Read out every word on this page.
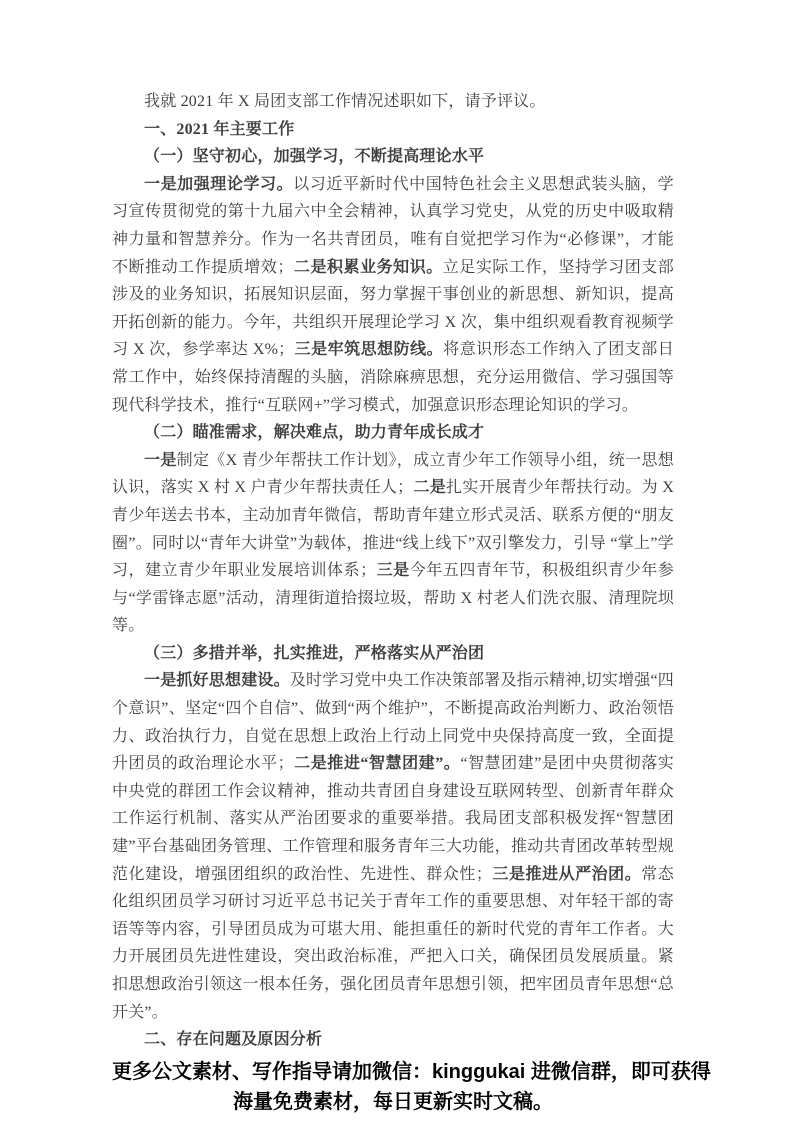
我就 2021 年 X 局团支部工作情况述职如下，请予评议。

一、2021 年主要工作

（一）坚守初心，加强学习，不断提高理论水平

一是加强理论学习。以习近平新时代中国特色社会主义思想武装头脑，学习宣传贯彻党的第十九届六中全会精神，认真学习党史，从党的历史中吸取精神力量和智慧养分。作为一名共青团员，唯有自觉把学习作为“必修课”，才能不断推动工作提质增效；二是积累业务知识。立足实际工作，坚持学习团支部涉及的业务知识，拓展知识层面，努力掌握干事创业的新思想、新知识，提高开拓创新的能力。今年，共组织开展理论学习 X 次，集中组织观看教育视频学习 X 次，参学率达 X%；三是牢筑思想防线。将意识形态工作纳入了团支部日常工作中，始终保持清醒的头脑，消除麻痹思想，充分运用微信、学习强国等现代科学技术，推行“互联网+”学习模式，加强意识形态理论知识的学习。

（二）瞄准需求，解决难点，助力青年成长成才

一是制定《X 青少年帮扶工作计划》，成立青少年工作领导小组，统一思想认识，落实 X 村 X 户青少年帮扶责任人；二是扎实开展青少年帮扶行动。为 X 青少年送去书本，主动加青年微信，帮助青年建立形式灵活、联系方便的“朋友圈”。同时以“青年大讲堂”为载体，推进“线上线下”双引擎发力，引导 “掌上”学习，建立青少年职业发展培训体系；三是今年五四青年节，积极组织青少年参与“学雷锋志愿”活动，清理街道拾掇垃圾，帮助 X 村老人们洗衣服、清理院坝等。

（三）多措并举，扎实推进，严格落实从严治团

一是抓好思想建设。及时学习党中央工作决策部署及指示精神,切实增强“四个意识”、坚定“四个自信”、做到“两个维护”，不断提高政治判断力、政治领悟力、政治执行力，自觉在思想上政治上行动上同党中央保持高度一致，全面提升团员的政治理论水平；二是推进“智慧团建”。“智慧团建”是团中央贯彻落实中央党的群团工作会议精神，推动共青团自身建设互联网转型、创新青年群众工作运行机制、落实从严治团要求的重要举措。我局团支部积极发挥“智慧团建”平台基础团务管理、工作管理和服务青年三大功能，推动共青团改革转型规范化建设，增强团组织的政治性、先进性、群众性；三是推进从严治团。常态化组织团员学习研讨习近平总书记关于青年工作的重要思想、对年轻干部的寄语等等内容，引导团员成为可堪大用、能担重任的新时代党的青年工作者。大力开展团员先进性建设，突出政治标准，严把入口关，确保团员发展质量。紧扣思想政治引领这一根本任务，强化团员青年思想引领，把牢团员青年思想“总开关”。

二、存在问题及原因分析

更多公文素材、写作指导请加微信：kinggukai 进微信群，即可获得
海量免费素材，每日更新实时文稿。
